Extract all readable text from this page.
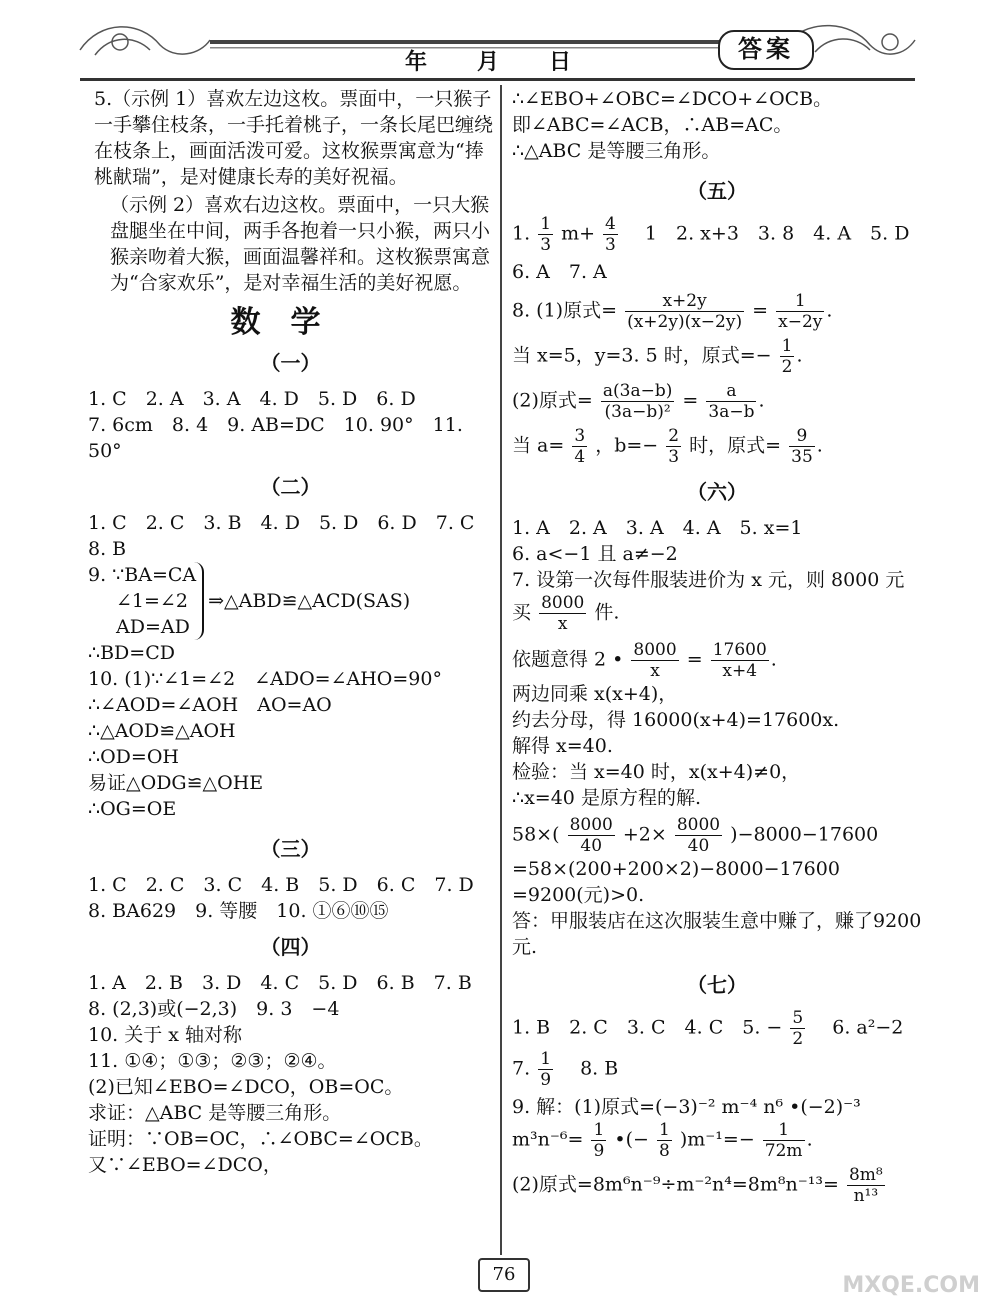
年　　月　　日	答案

5.（示例 1）喜欢左边这枚。票面中，一只猴子一手攀住枝条，一手托着桃子，一条长尾巴缠绕在枝条上，画面活泼可爱。这枚猴票寓意为“捧桃献瑞”，是对健康长寿的美好祝福。

（示例 2）喜欢右边这枚。票面中，一只大猴盘腿坐在中间，两手各抱着一只小猴，两只小猴亲吻着大猴，画面温馨祥和。这枚猴票寓意为“合家欢乐”，是对幸福生活的美好祝愿。

数学
（一）
1. C　2. A　3. A　4. D　5. D　6. D
7. 6cm　8. 4　9. AB=DC　10. 90°　11. 50°
（二）
1. C　2. C　3. B　4. D　5. D　6. D　7. C
8. B
9. ∵BA=CA
∠1=∠2
AD=AD
⇒△ABD≌△ACD(SAS)
∴BD=CD
10. (1)∵∠1=∠2　∠ADO=∠AHO=90°
∴∠AOD=∠AOH　AO=AO
∴△AOD≌△AOH
∴OD=OH
易证△ODG≌△OHE
∴OG=OE
（三）
1. C　2. C　3. C　4. B　5. D　6. C　7. D
8. BA629　9. 等腰　10. ①⑥⑩⑮
（四）
1. A　2. B　3. D　4. C　5. D　6. B　7. B
8. (2,3)或(−2,3)　9. 3　−4
10. 关于 x 轴对称
11. ①④；①③；②③；②④。
(2)已知∠EBO=∠DCO，OB=OC。
求证：△ABC 是等腰三角形。
证明：∵OB=OC，∴∠OBC=∠OCB。
又∵∠EBO=∠DCO，
∴∠EBO+∠OBC=∠DCO+∠OCB。
即∠ABC=∠ACB，∴AB=AC。
∴△ABC 是等腰三角形。
（五）
1. $\frac{1}{3} m+ \frac{4}{3}$ 　1　2. x+3　3. 8　4. A　5. D
6. A　7. A
8. (1)原式= $\frac{x+2y}{(x+2y)(x-2y)} = \frac{1}{x-2y}$ .
当 x=5，y=3. 5 时，原式=− $\frac{1}{2}$ .
(2)原式= $\frac{a(3a-b)}{\text{(3a−b)²}} = \frac{a}{3a-b}$ .
当 $a= \frac{3}{4}$ ，$b=- \frac{2}{3}$ 时，原式= $\frac{9}{35}$ .
（六）
1. A　2. A　3. A　4. A　5. x=1
6. a<−1 且 a≠−2
7. 设第一次每件服装进价为 x 元，则 8000 元
买 $\frac{8000}{x}$ 件.
依题意得 2 • $\frac{8000}{x} = \frac{17600}{x+4}$ .
两边同乘 x(x+4)，
约去分母，得 16000(x+4)=17600x.
解得 x=40.
检验：当 x=40 时，x(x+4)≠0，
∴x=40 是原方程的解.
$58\times( \frac{8000}{40} +2\times \frac{8000}{40} )-8000-17600$
=58×(200+200×2)−8000−17600
=9200(元)>0.
答：甲服装店在这次服装生意中赚了，赚了9200 元.
（七）
1. B　2. C　3. C　4. C　5. − $\frac{5}{2}$ 　6. a²−2
7. $\frac{1}{9}$ 　8. B
9. 解：(1)原式=(−3)⁻² m⁻⁴ n⁶ •(−2)⁻³
$m^3n^{-6}= \frac{1}{9}$ •(− $\frac{1}{8} )m^{-1}=- \frac{1}{72m}$ .
(2)原式$=8m^6n^{-9}\div m^{-2}n^4=8m^8n^{-13}= \frac{\text{8m⁸}}{\text{n¹³}}$
76	MXQE.COM
